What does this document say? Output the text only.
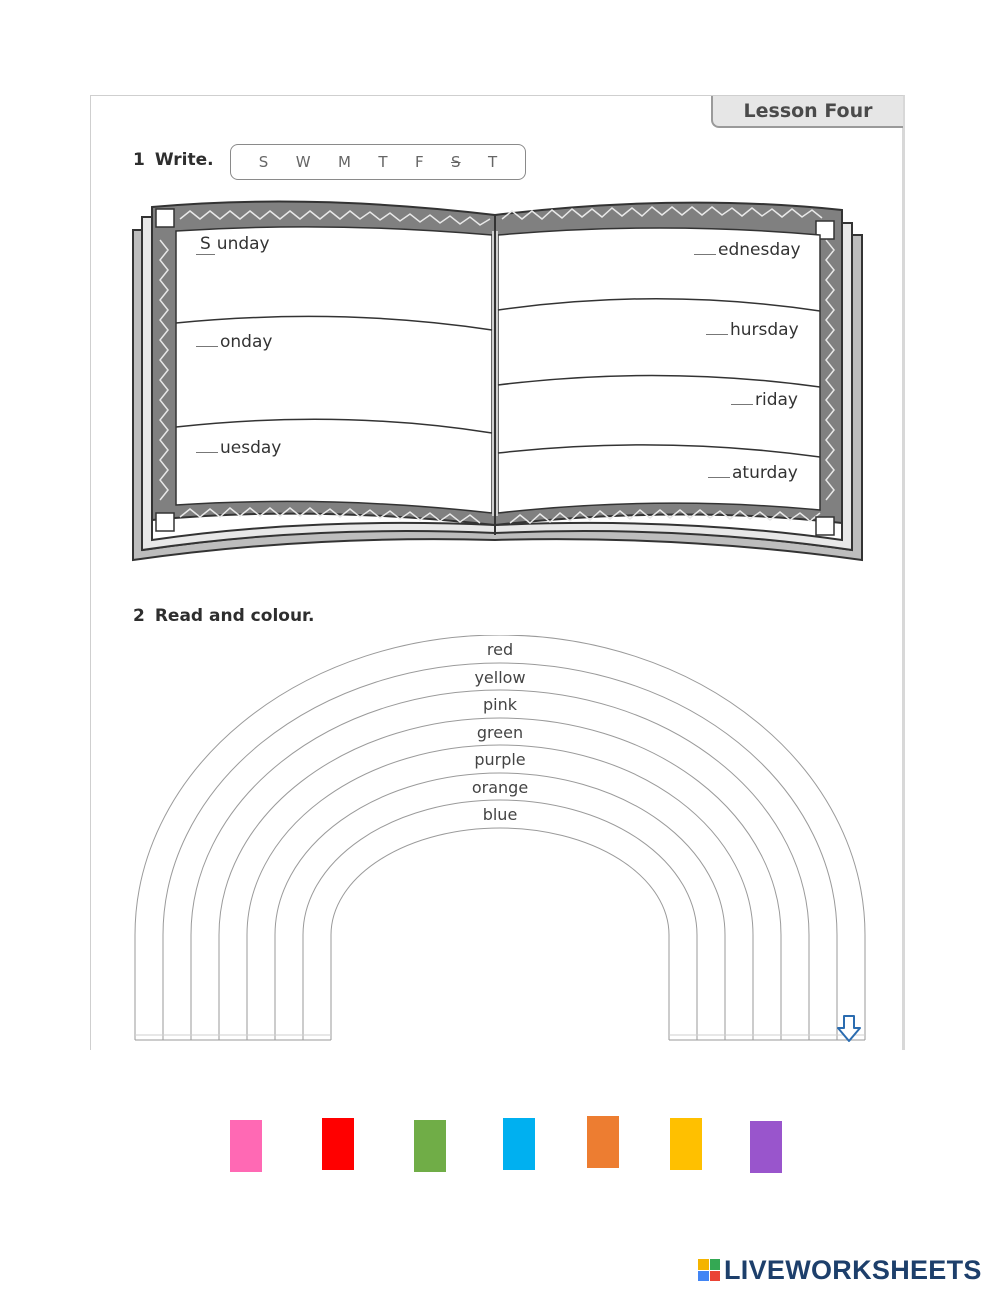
Lesson Four
1 Write.	S W M T F S T
S unday
onday
uesday
ednesday
hursday
riday
aturday
2 Read and colour.
red
yellow
pink
green
purple
orange
blue
LIVEWORKSHEETS
